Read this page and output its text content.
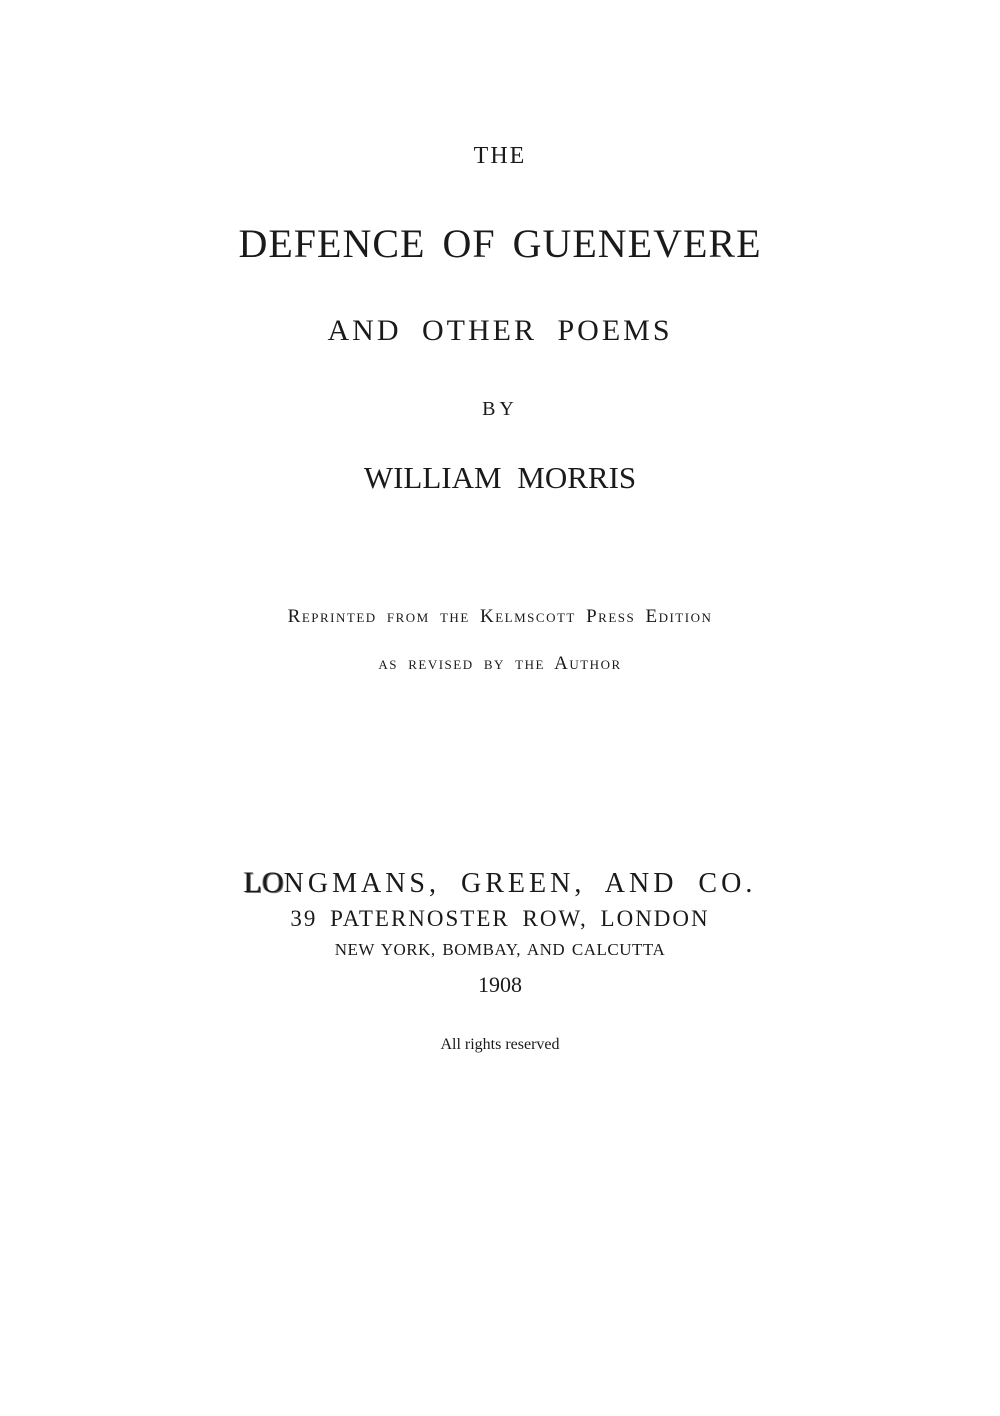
THE
DEFENCE OF GUENEVERE
AND OTHER POEMS
BY
WILLIAM MORRIS
Reprinted from the Kelmscott Press Edition
as revised by the Author
LONGMANS, GREEN, AND CO.
39 PATERNOSTER ROW, LONDON
NEW YORK, BOMBAY, AND CALCUTTA
1908
All rights reserved
